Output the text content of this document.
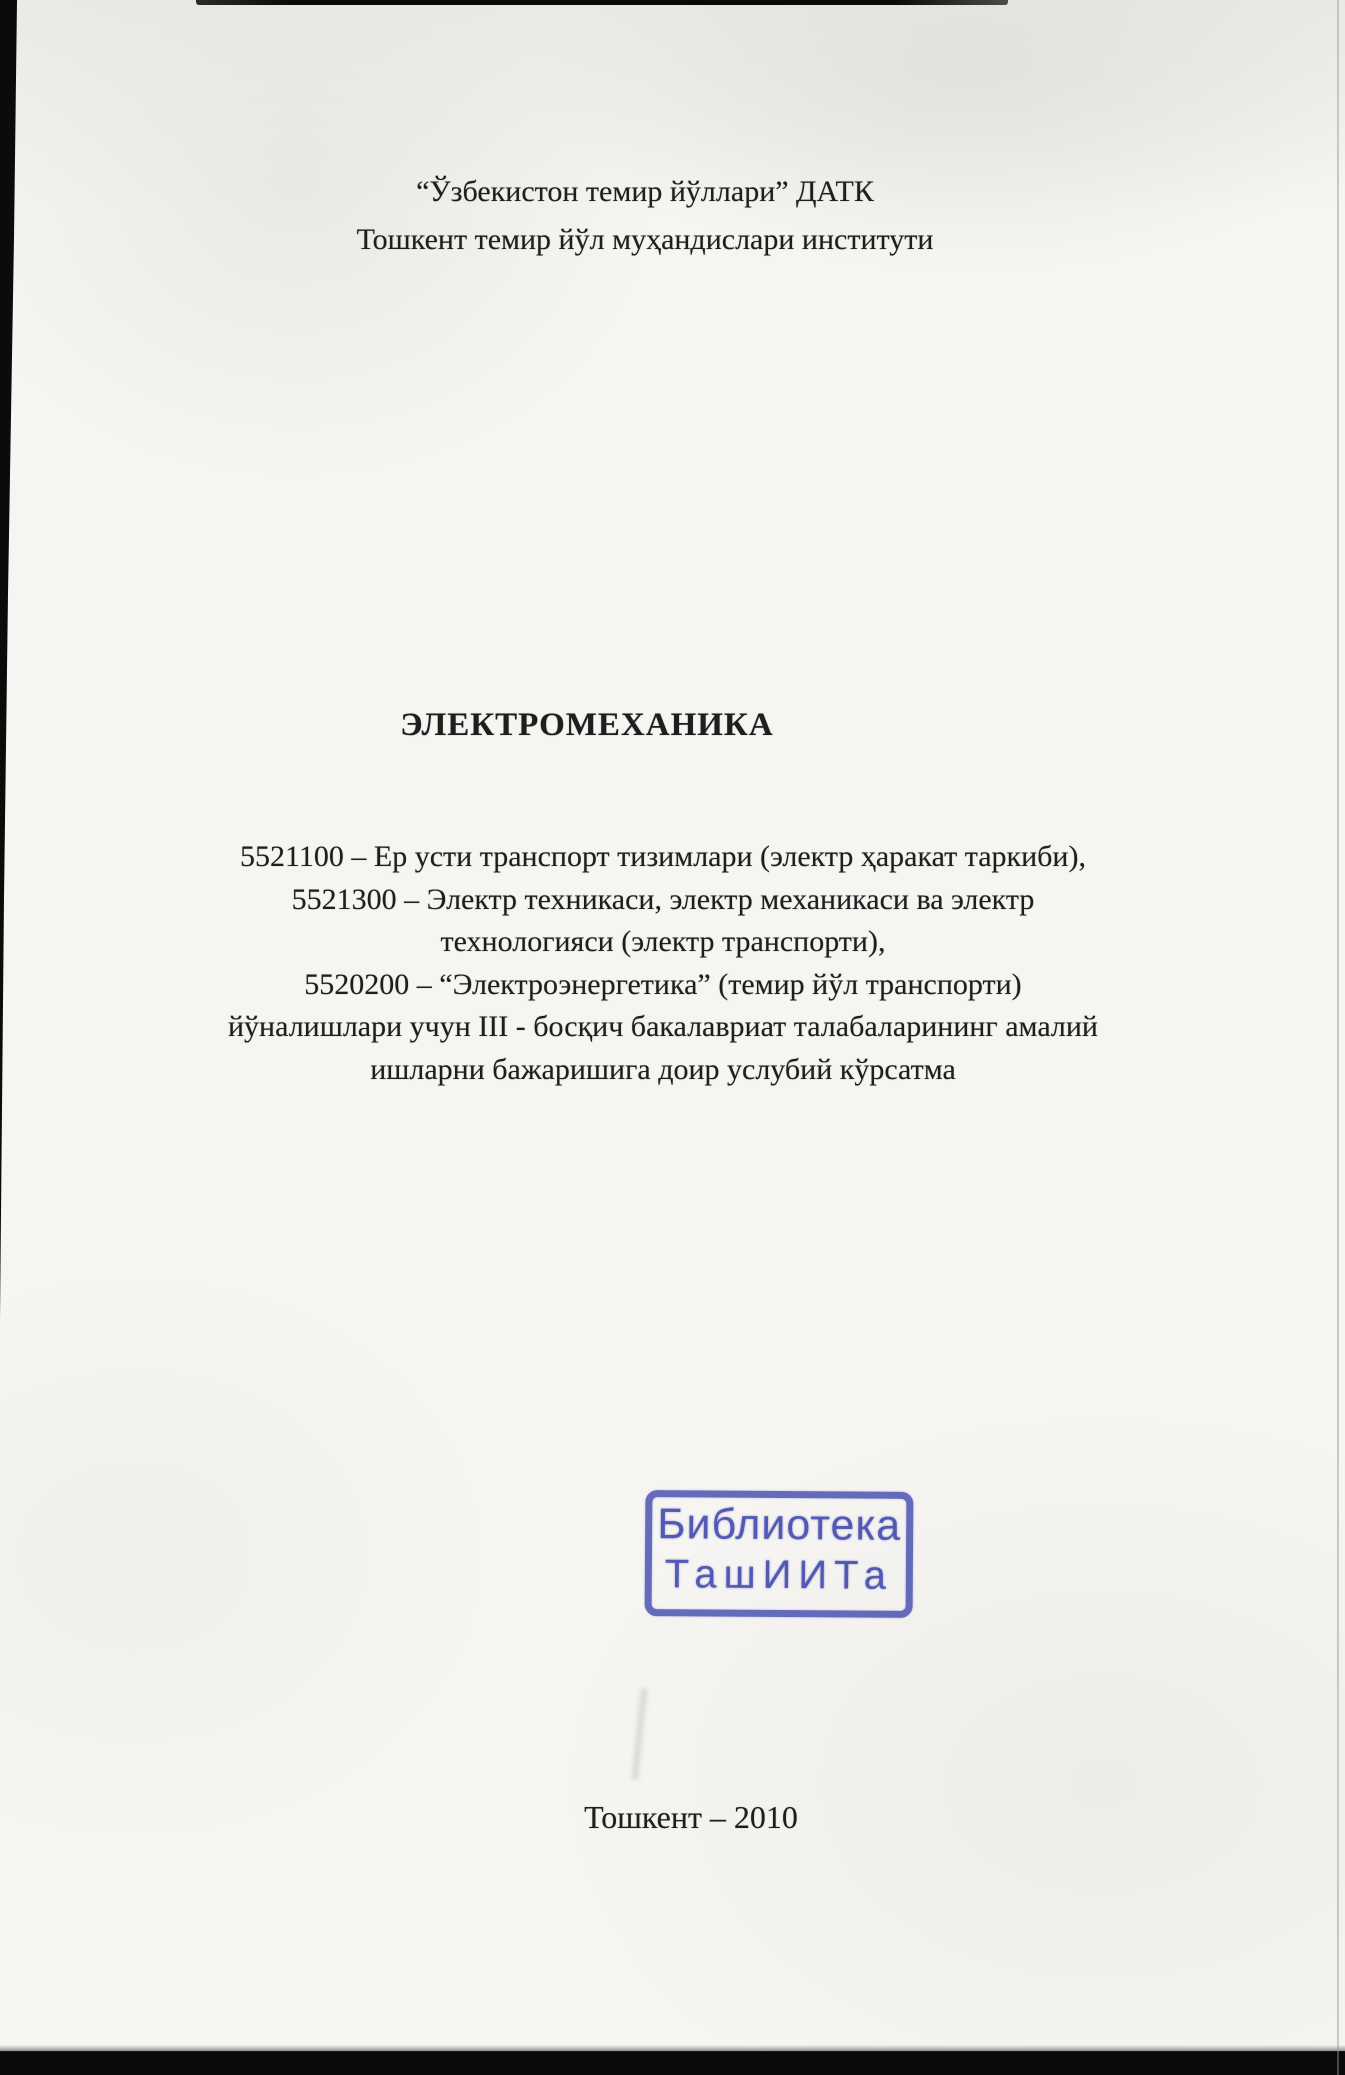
“Ўзбекистон темир йўллари” ДАТК
Тошкент темир йўл муҳандислари институти
ЭЛЕКТРОМЕХАНИКА
5521100 – Ер усти транспорт тизимлари (электр ҳаракат таркиби),
5521300 – Электр техникаси, электр механикаси ва электр
технологияси (электр транспорти),
5520200 – “Электроэнергетика” (темир йўл транспорти)
йўналишлари учун III - босқич бакалавриат талабаларининг амалий
ишларни бажаришига доир услубий кўрсатма
Библиотека
ТашИИТа
Тошкент – 2010
